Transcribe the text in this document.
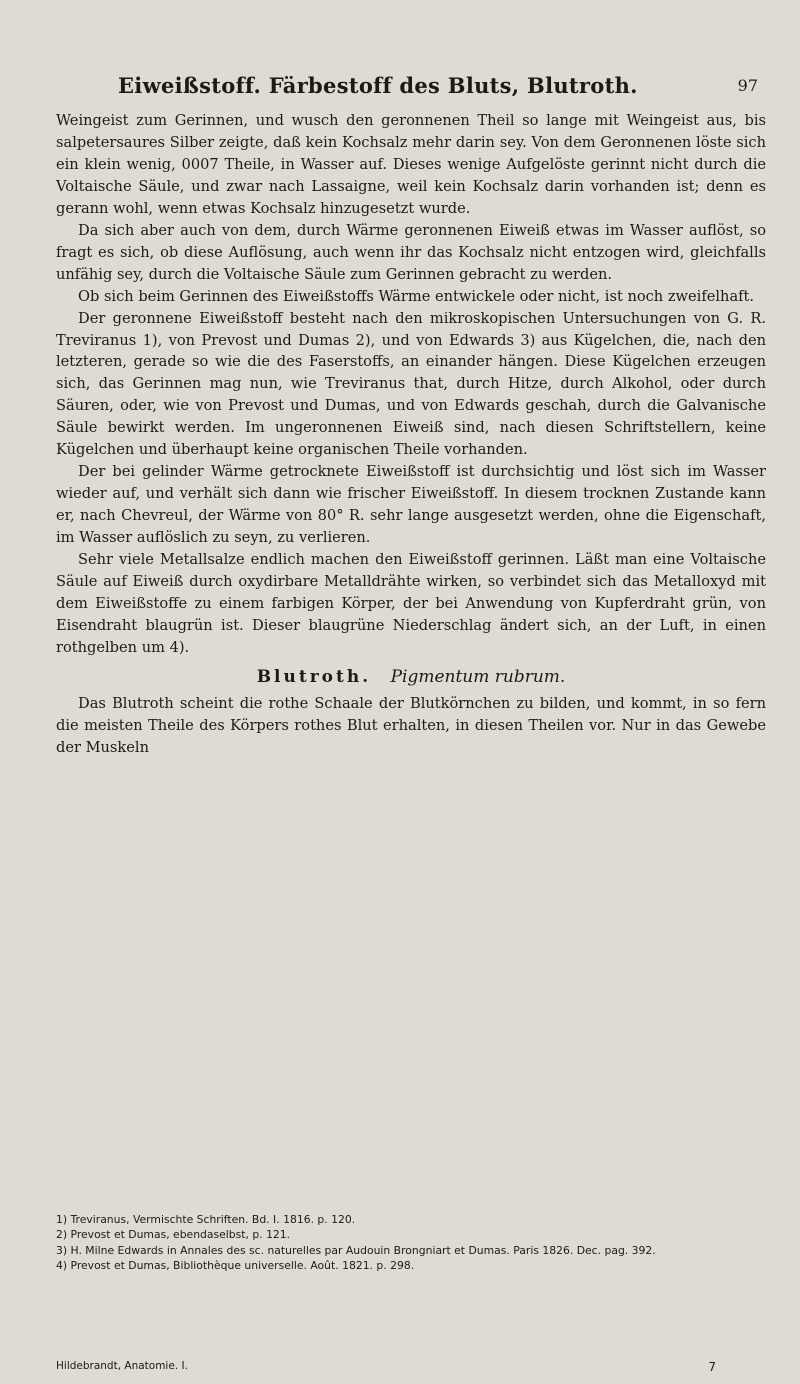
Eiweißstoff. Färbestoff des Bluts, Blutroth.	97

Weingeist zum Gerinnen, und wusch den geronnenen Theil so lange mit Weingeist aus, bis salpetersaures Silber zeigte, daß kein Kochsalz mehr darin sey. Von dem Geronnenen löste sich ein klein wenig, 0007 Theile, in Wasser auf. Dieses wenige Aufgelöste gerinnt nicht durch die Voltaische Säule, und zwar nach Lassaigne, weil kein Kochsalz darin vorhanden ist; denn es gerann wohl, wenn etwas Kochsalz hinzugesetzt wurde.

Da sich aber auch von dem, durch Wärme geronnenen Eiweiß etwas im Wasser auflöst, so fragt es sich, ob diese Auflösung, auch wenn ihr das Kochsalz nicht entzogen wird, gleichfalls unfähig sey, durch die Voltaische Säule zum Gerinnen gebracht zu werden.

Ob sich beim Gerinnen des Eiweißstoffs Wärme entwickele oder nicht, ist noch zweifelhaft.

Der geronnene Eiweißstoff besteht nach den mikroskopischen Untersuchungen von G. R. Treviranus 1), von Prevost und Dumas 2), und von Edwards 3) aus Kügelchen, die, nach den letzteren, gerade so wie die des Faserstoffs, an einander hängen. Diese Kügelchen erzeugen sich, das Gerinnen mag nun, wie Treviranus that, durch Hitze, durch Alkohol, oder durch Säuren, oder, wie von Prevost und Dumas, und von Edwards geschah, durch die Galvanische Säule bewirkt werden. Im ungeronnenen Eiweiß sind, nach diesen Schriftstellern, keine Kügelchen und überhaupt keine organischen Theile vorhanden.

Der bei gelinder Wärme getrocknete Eiweißstoff ist durchsichtig und löst sich im Wasser wieder auf, und verhält sich dann wie frischer Eiweißstoff. In diesem trocknen Zustande kann er, nach Chevreul, der Wärme von 80° R. sehr lange ausgesetzt werden, ohne die Eigenschaft, im Wasser auflöslich zu seyn, zu verlieren.

Sehr viele Metallsalze endlich machen den Eiweißstoff gerinnen. Läßt man eine Voltaische Säule auf Eiweiß durch oxydirbare Metalldrähte wirken, so verbindet sich das Metalloxyd mit dem Eiweißstoffe zu einem farbigen Körper, der bei Anwendung von Kupferdraht grün, von Eisendraht blaugrün ist. Dieser blaugrüne Niederschlag ändert sich, an der Luft, in einen rothgelben um 4).

Blutroth. Pigmentum rubrum.

Das Blutroth scheint die rothe Schaale der Blutkörnchen zu bilden, und kommt, in so fern die meisten Theile des Körpers rothes Blut erhalten, in diesen Theilen vor. Nur in das Gewebe der Muskeln

1) Treviranus, Vermischte Schriften. Bd. I. 1816. p. 120.

2) Prevost et Dumas, ebendaselbst, p. 121.

3) H. Milne Edwards in Annales des sc. naturelles par Audouin Brongniart et Dumas. Paris 1826. Dec. pag. 392.

4) Prevost et Dumas, Bibliothèque universelle. Août. 1821. p. 298.

Hildebrandt, Anatomie. I.	7
